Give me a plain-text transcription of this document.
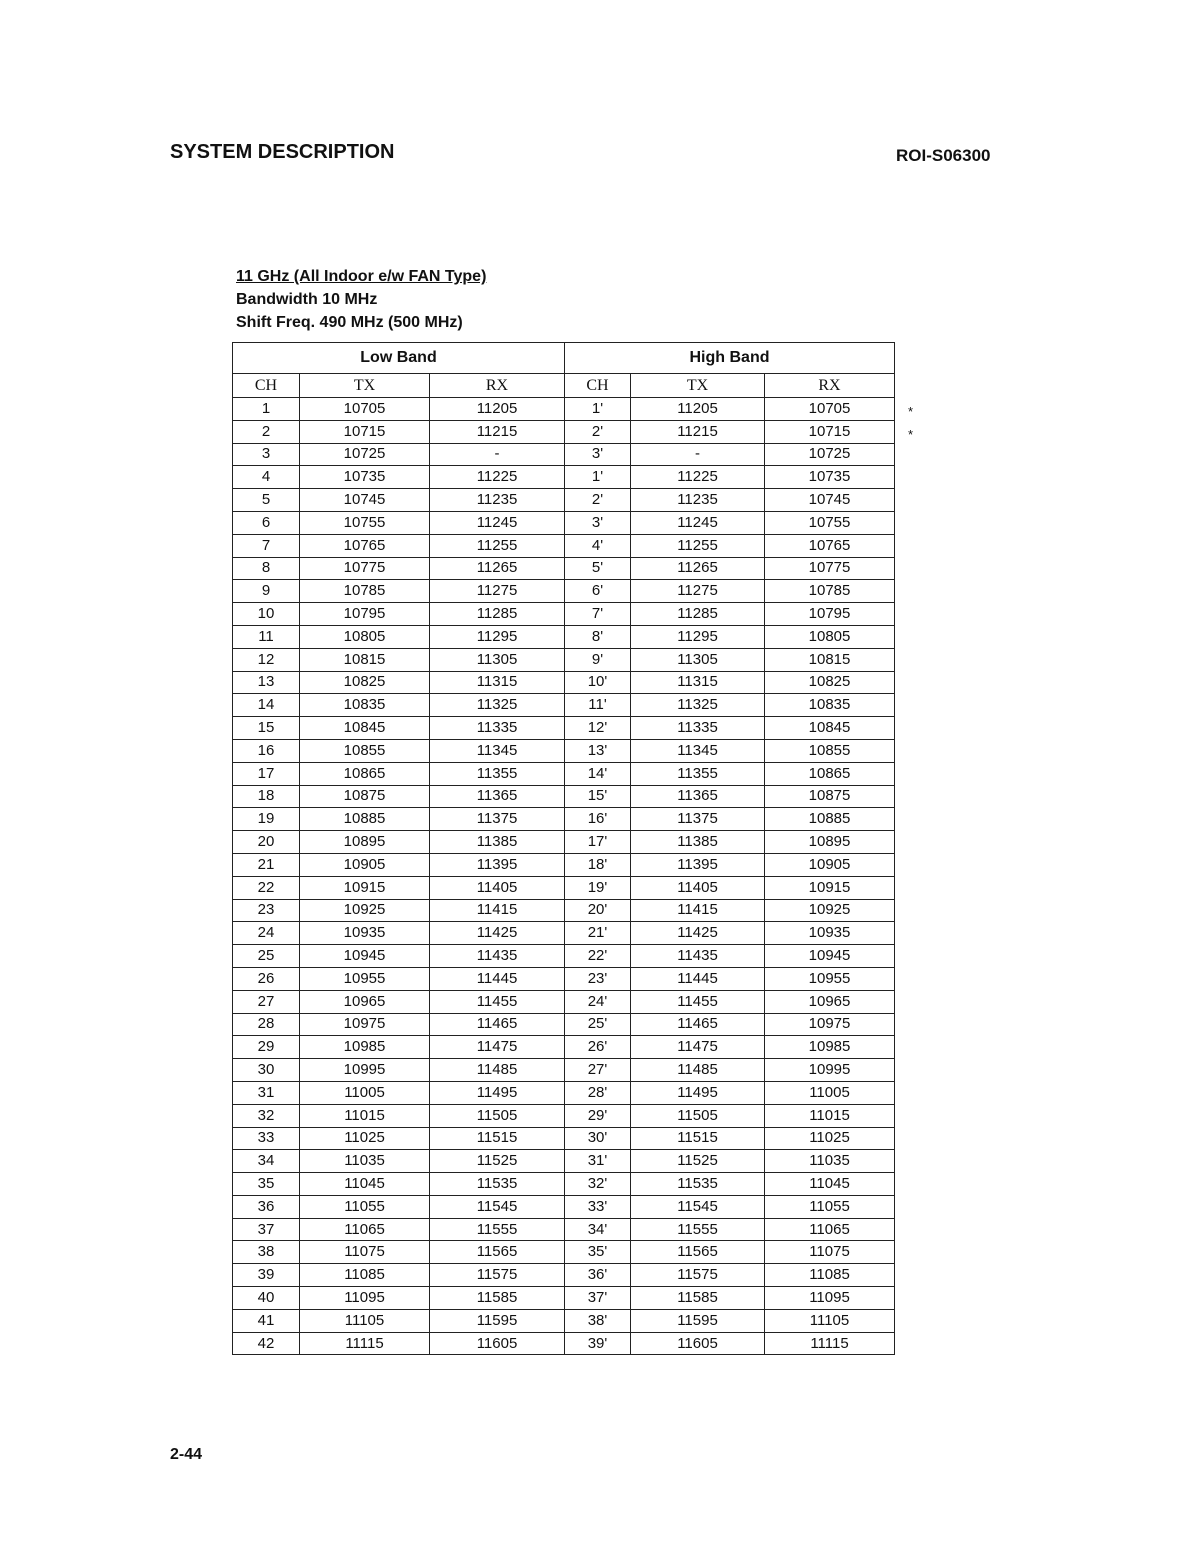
SYSTEM DESCRIPTION	ROI-S06300
11 GHz (All Indoor e/w FAN Type)
Bandwidth 10 MHz
Shift Freq. 490 MHz (500 MHz)
Low Band			High Band		
CH	TX	RX	CH	TX	RX
1	10705	11205	1'	11205	10705
2	10715	11215	2'	11215	10715
3	10725	-	3'	-	10725
4	10735	11225	1'	11225	10735
5	10745	11235	2'	11235	10745
6	10755	11245	3'	11245	10755
7	10765	11255	4'	11255	10765
8	10775	11265	5'	11265	10775
9	10785	11275	6'	11275	10785
10	10795	11285	7'	11285	10795
11	10805	11295	8'	11295	10805
12	10815	11305	9'	11305	10815
13	10825	11315	10'	11315	10825
14	10835	11325	11'	11325	10835
15	10845	11335	12'	11335	10845
16	10855	11345	13'	11345	10855
17	10865	11355	14'	11355	10865
18	10875	11365	15'	11365	10875
19	10885	11375	16'	11375	10885
20	10895	11385	17'	11385	10895
21	10905	11395	18'	11395	10905
22	10915	11405	19'	11405	10915
23	10925	11415	20'	11415	10925
24	10935	11425	21'	11425	10935
25	10945	11435	22'	11435	10945
26	10955	11445	23'	11445	10955
27	10965	11455	24'	11455	10965
28	10975	11465	25'	11465	10975
29	10985	11475	26'	11475	10985
30	10995	11485	27'	11485	10995
31	11005	11495	28'	11495	11005
32	11015	11505	29'	11505	11015
33	11025	11515	30'	11515	11025
34	11035	11525	31'	11525	11035
35	11045	11535	32'	11535	11045
36	11055	11545	33'	11545	11055
37	11065	11555	34'	11555	11065
38	11075	11565	35'	11565	11075
39	11085	11575	36'	11575	11085
40	11095	11585	37'	11585	11095
41	11105	11595	38'	11595	11105
42	11115	11605	39'	11605	11115
*
*
2-44
